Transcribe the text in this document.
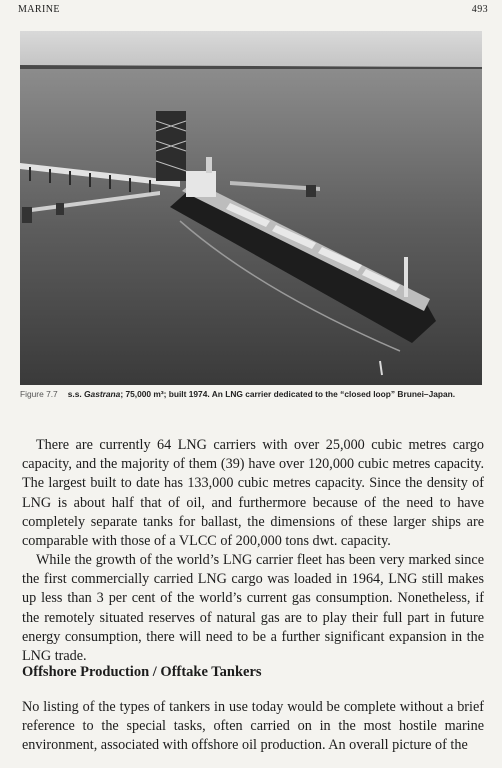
MARINE	493
Figure 7.7 s.s. Gastrana; 75,000 m³; built 1974. An LNG carrier dedicated to the “closed loop” Brunei–Japan.

There are currently 64 LNG carriers with over 25,000 cubic metres cargo capacity, and the majority of them (39) have over 120,000 cubic metres capacity. The largest built to date has 133,000 cubic metres capacity. Since the density of LNG is about half that of oil, and furthermore because of the need to have completely separate tanks for ballast, the dimensions of these larger ships are comparable with those of a VLCC of 200,000 tons dwt. capacity.

While the growth of the world’s LNG carrier fleet has been very marked since the first commercially carried LNG cargo was loaded in 1964, LNG still makes up less than 3 per cent of the world’s current gas consumption. Nonetheless, if the remotely situated reserves of natural gas are to play their full part in future energy consumption, there will need to be a further significant expansion in the LNG trade.

Offshore Production / Offtake Tankers

No listing of the types of tankers in use today would be complete without a brief reference to the special tasks, often carried on in the most hostile marine environment, associated with offshore oil production. An overall picture of the
